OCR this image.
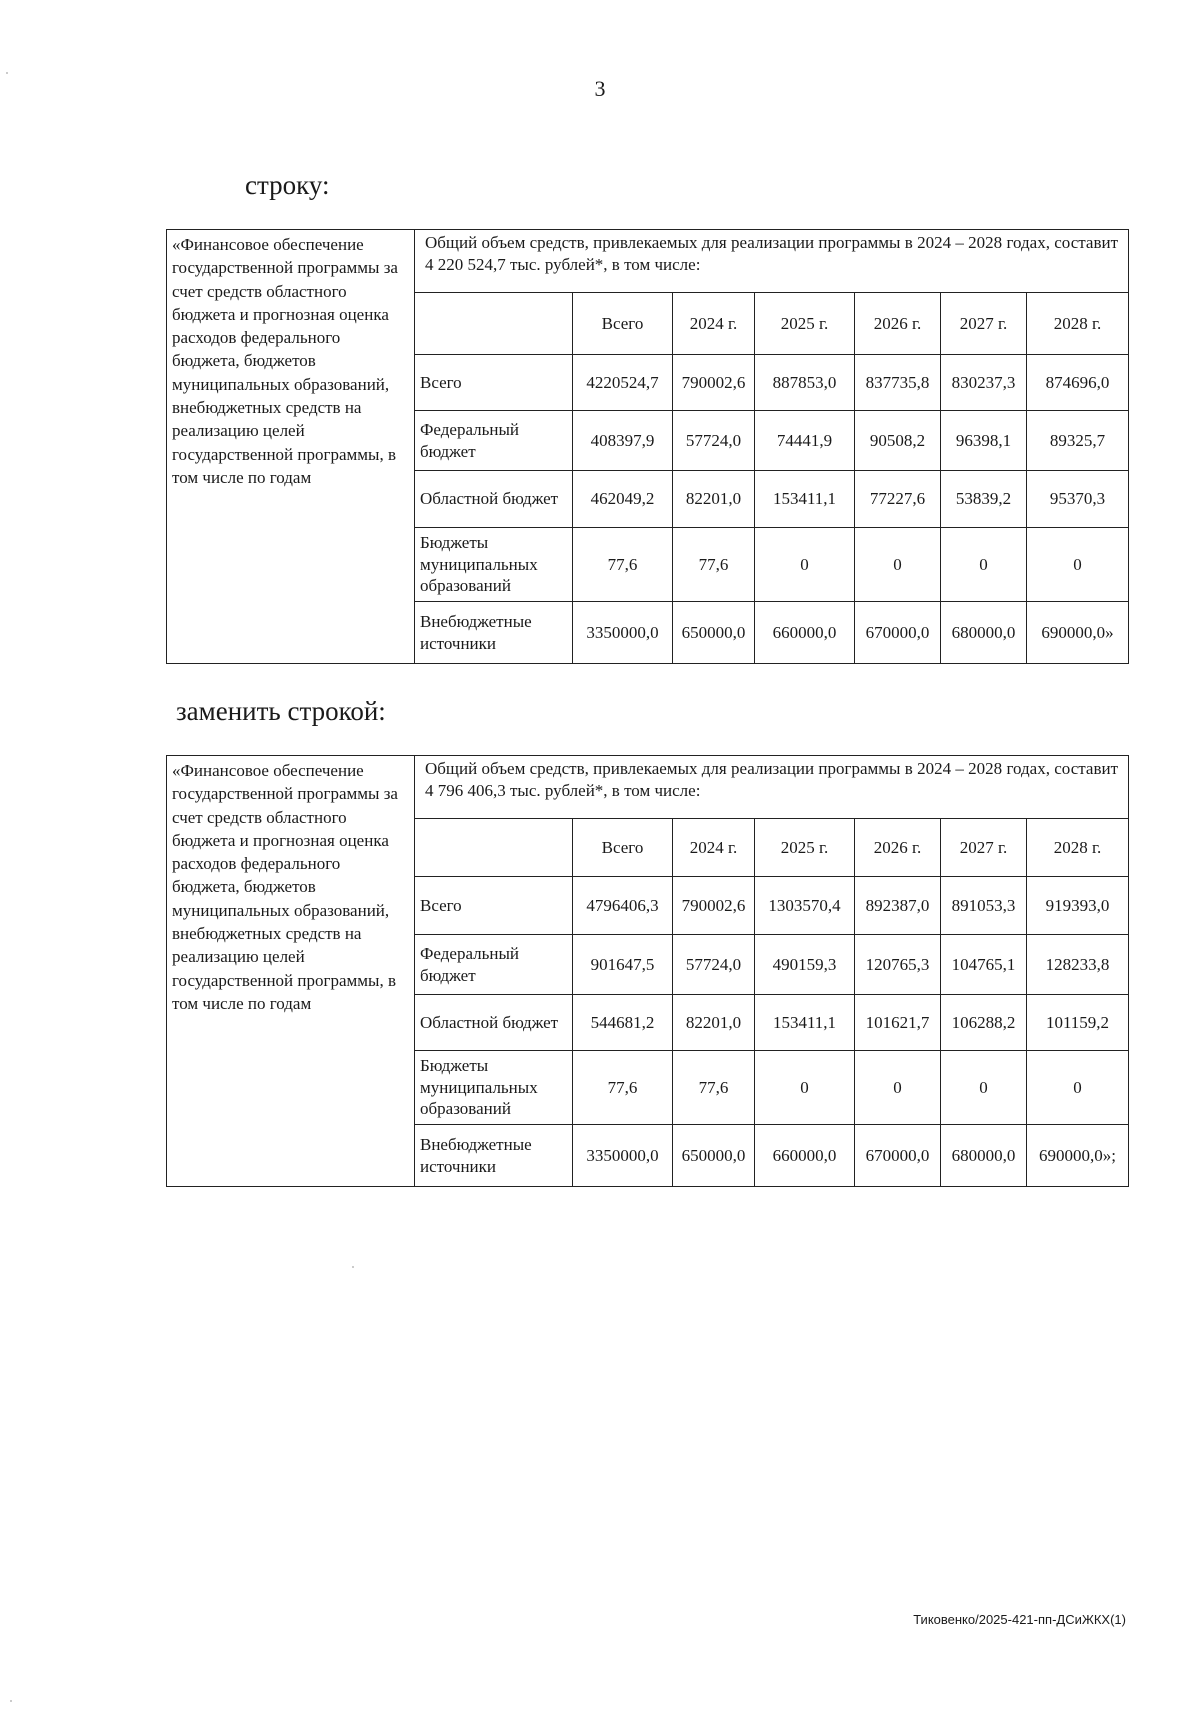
3
строку:
«Финансовое обеспечение государственной программы за счет средств областного бюджета и прогнозная оценка расходов федерального бюджета, бюджетов муниципальных образований, внебюджетных средств на реализацию целей государственной программы, в том числе по годам	Общий объем средств, привлекаемых для реализации программы в 2024 – 2028 годах, составит 4 220 524,7 тыс. рублей*, в том числе:						
		Всего	2024 г.	2025 г.	2026 г.	2027 г.	2028 г.
	Всего	4220524,7	790002,6	887853,0	837735,8	830237,3	874696,0
	Федеральный бюджет	408397,9	57724,0	74441,9	90508,2	96398,1	89325,7
	Областной бюджет	462049,2	82201,0	153411,1	77227,6	53839,2	95370,3
	Бюджеты муниципальных образований	77,6	77,6	0	0	0	0
	Внебюджетные источники	3350000,0	650000,0	660000,0	670000,0	680000,0	690000,0»
заменить строкой:
«Финансовое обеспечение государственной программы за счет средств областного бюджета и прогнозная оценка расходов федерального бюджета, бюджетов муниципальных образований, внебюджетных средств на реализацию целей государственной программы, в том числе по годам	Общий объем средств, привлекаемых для реализации программы в 2024 – 2028 годах, составит 4 796 406,3 тыс. рублей*, в том числе:						
		Всего	2024 г.	2025 г.	2026 г.	2027 г.	2028 г.
	Всего	4796406,3	790002,6	1303570,4	892387,0	891053,3	919393,0
	Федеральный бюджет	901647,5	57724,0	490159,3	120765,3	104765,1	128233,8
	Областной бюджет	544681,2	82201,0	153411,1	101621,7	106288,2	101159,2
	Бюджеты муниципальных образований	77,6	77,6	0	0	0	0
	Внебюджетные источники	3350000,0	650000,0	660000,0	670000,0	680000,0	690000,0»;
Тиковенко/2025-421-пп-ДСиЖКХ(1)
